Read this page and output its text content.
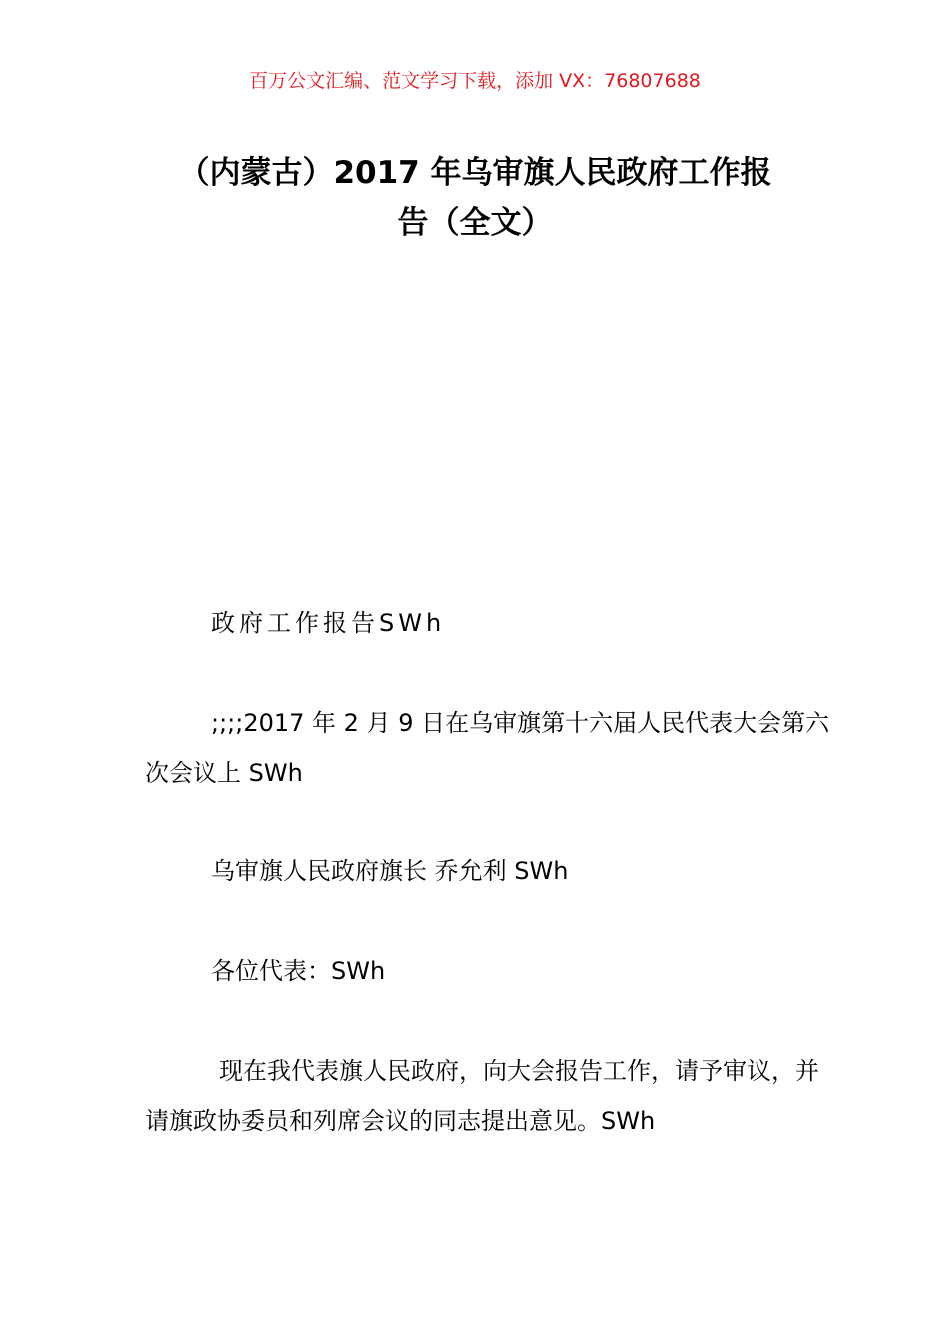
百万公文汇编、范文学习下载，添加 VX：76807688
（内蒙古）2017 年乌审旗人民政府工作报
告（全文）

政府工作报告SWh

;;;;2017 年 2 月 9 日在乌审旗第十六届人民代表大会第六次会议上 SWh

乌审旗人民政府旗长 乔允利 SWh

各位代表：SWh

现在我代表旗人民政府，向大会报告工作，请予审议，并请旗政协委员和列席会议的同志提出意见。SWh
